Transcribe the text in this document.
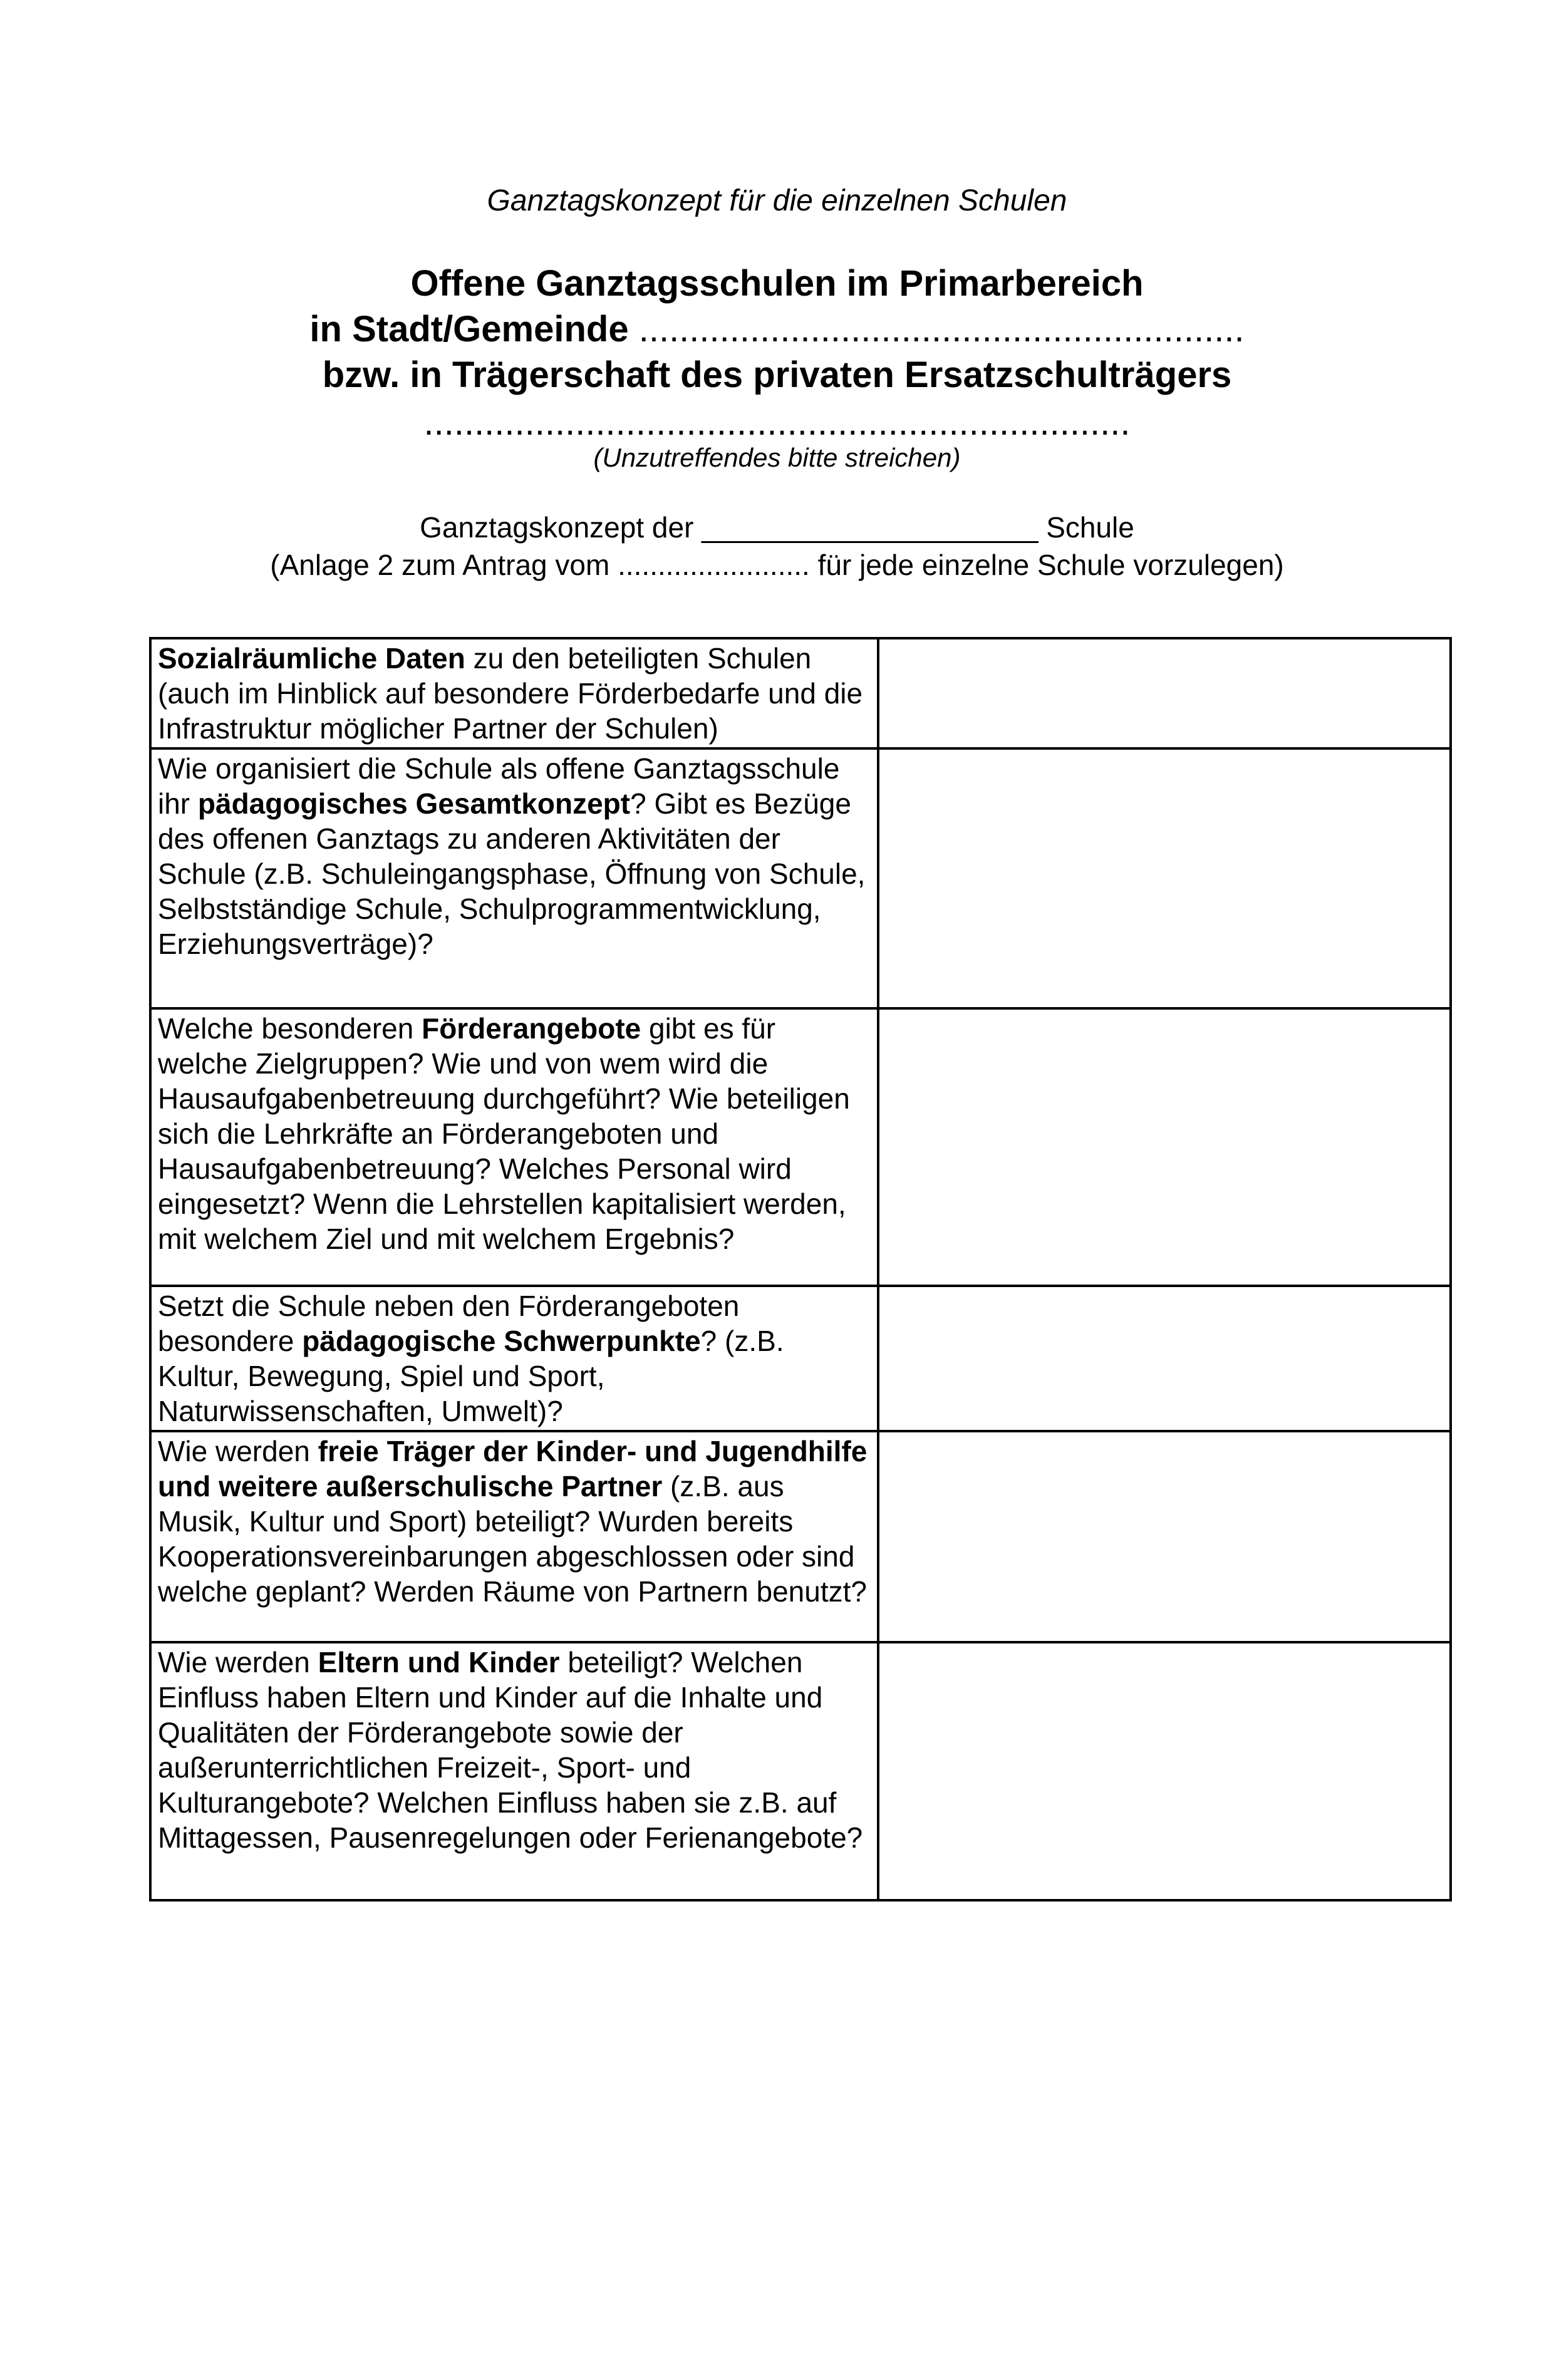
Ganztagskonzept für die einzelnen Schulen
Offene Ganztagsschulen im Primarbereich
in Stadt/Gemeinde ............................................................
bzw. in Trägerschaft des privaten Ersatzschulträgers
......................................................................
(Unzutreffendes bitte streichen)
Ganztagskonzept der _____________________ Schule
(Anlage 2 zum Antrag vom ........................ für jede einzelne Schule vorzulegen)
Sozialräumliche Daten zu den beteiligten Schulen (auch im Hinblick auf besondere Förderbedarfe und die Infrastruktur möglicher Partner der Schulen)
Wie organisiert die Schule als offene Ganztagsschule ihr pädagogisches Gesamtkonzept? Gibt es Bezüge des offenen Ganztags zu anderen Aktivitäten der Schule (z.B. Schuleingangsphase, Öffnung von Schule, Selbstständige Schule, Schulprogrammentwicklung, Erziehungsverträge)?
Welche besonderen Förderangebote gibt es für welche Zielgruppen? Wie und von wem wird die Hausaufgabenbetreuung durchgeführt? Wie beteiligen sich die Lehrkräfte an Förderangeboten und Hausaufgabenbetreuung? Welches Personal wird eingesetzt? Wenn die Lehrstellen kapitalisiert werden, mit welchem Ziel und mit welchem Ergebnis?
Setzt die Schule neben den Förderangeboten besondere pädagogische Schwerpunkte? (z.B. Kultur, Bewegung, Spiel und Sport, Naturwissenschaften, Umwelt)?
Wie werden freie Träger der Kinder- und Jugendhilfe und weitere außerschulische Partner (z.B. aus Musik, Kultur und Sport) beteiligt? Wurden bereits Kooperationsvereinbarungen abgeschlossen oder sind welche geplant? Werden Räume von Partnern benutzt?
Wie werden Eltern und Kinder beteiligt? Welchen Einfluss haben Eltern und Kinder auf die Inhalte und Qualitäten der Förderangebote sowie der außerunterrichtlichen Freizeit-, Sport- und Kulturangebote? Welchen Einfluss haben sie z.B. auf Mittagessen, Pausenregelungen oder Ferienangebote?
